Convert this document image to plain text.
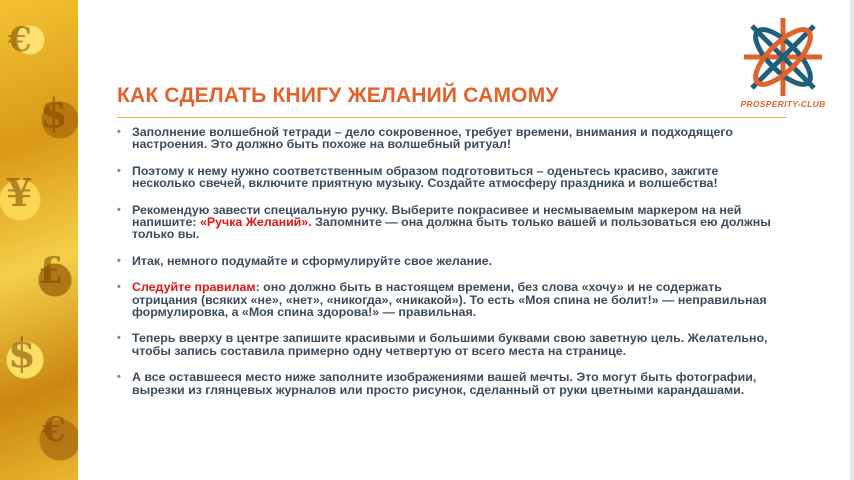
€
$
¥
£
$
€
PROSPERITY-CLUB
КАК СДЕЛАТЬ КНИГУ ЖЕЛАНИЙ САМОМУ
• Заполнение волшебной тетради – дело сокровенное, требует времени, внимания и подходящего настроения. Это должно быть похоже на волшебный ритуал!
• Поэтому к нему нужно соответственным образом подготовиться – оденьтесь красиво, зажгите несколько свечей, включите приятную музыку. Создайте атмосферу праздника и волшебства!
• Рекомендую завести специальную ручку. Выберите покрасивее и несмываемым маркером на ней напишите: «Ручка Желаний». Запомните — она должна быть только вашей и пользоваться ею должны только вы.
• Итак, немного подумайте и сформулируйте свое желание.
• Следуйте правилам: оно должно быть в настоящем времени, без слова «хочу» и не содержать отрицания (всяких «не», «нет», «никогда», «никакой»). То есть «Моя спина не болит!» — неправильная формулировка, а «Моя спина здорова!» — правильная.
• Теперь вверху в центре запишите красивыми и большими буквами свою заветную цель. Желательно, чтобы запись составила примерно одну четвертую от всего места на странице.
• А все оставшееся место ниже заполните изображениями вашей мечты. Это могут быть фотографии, вырезки из глянцевых журналов или просто рисунок, сделанный от руки цветными карандашами.
